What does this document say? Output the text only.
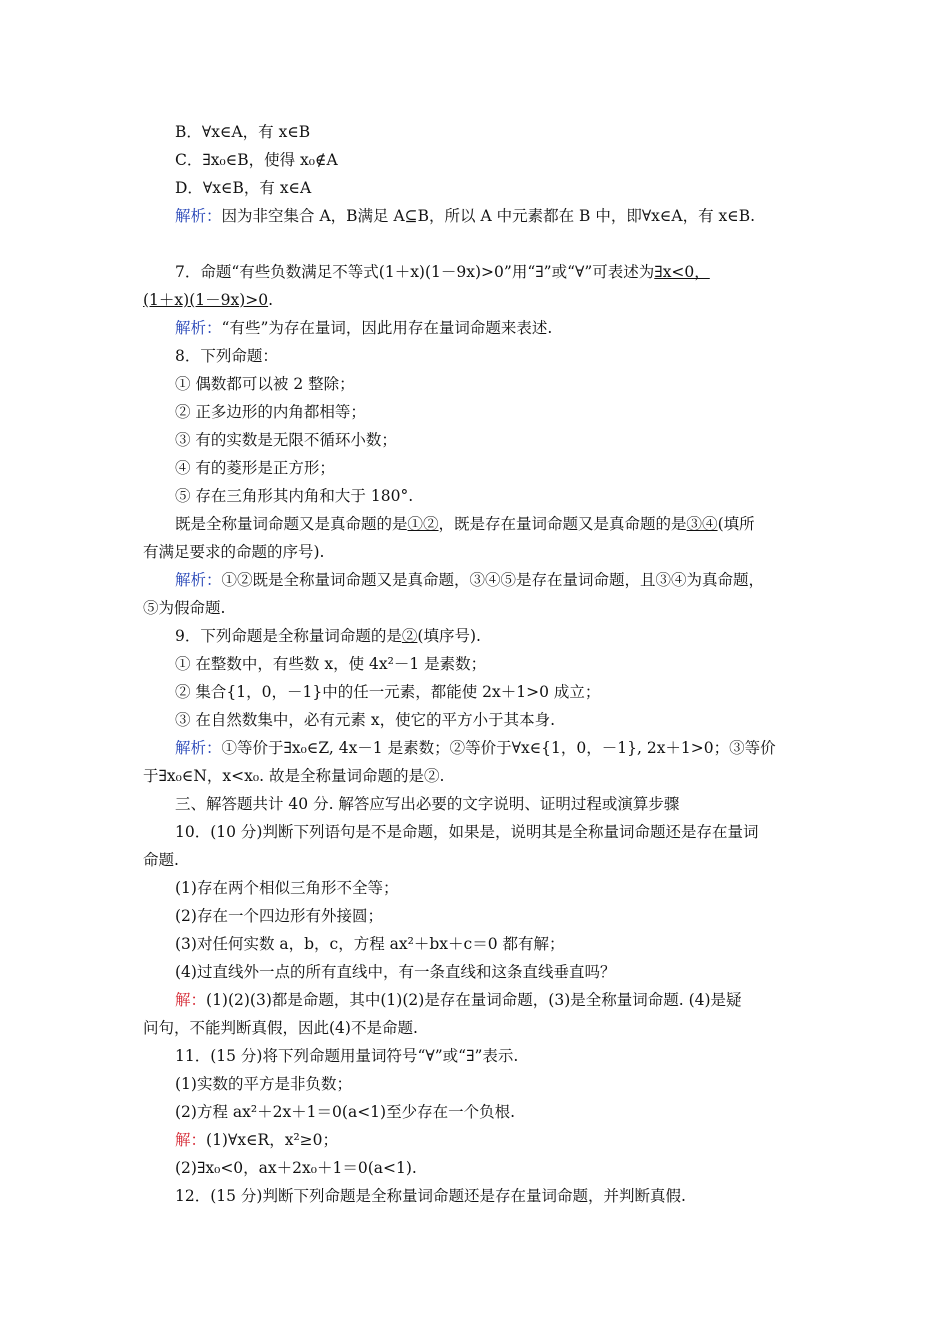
B．∀x∈A，有 x∈B
C．∃x₀∈B，使得 x₀∉A
D．∀x∈B，有 x∈A
解析：因为非空集合 A，B满足 A⊆B，所以 A 中元素都在 B 中，即∀x∈A，有 x∈B.
7．命题“有些负数满足不等式(1＋x)(1－9x)>0”用“∃”或“∀”可表述为∃x<0，
(1＋x)(1－9x)>0.
解析：“有些”为存在量词，因此用存在量词命题来表述.
8．下列命题：
① 偶数都可以被 2 整除；
② 正多边形的内角都相等；
③ 有的实数是无限不循环小数；
④ 有的菱形是正方形；
⑤ 存在三角形其内角和大于 180°.
既是全称量词命题又是真命题的是①②，既是存在量词命题又是真命题的是③④(填所
有满足要求的命题的序号).
解析：①②既是全称量词命题又是真命题，③④⑤是存在量词命题，且③④为真命题，
⑤为假命题.
9．下列命题是全称量词命题的是②(填序号).
① 在整数中，有些数 x，使 4x²－1 是素数；
② 集合{1，0，－1}中的任一元素，都能使 2x＋1>0 成立；
③ 在自然数集中，必有元素 x，使它的平方小于其本身.
解析：①等价于∃x₀∈Z, 4x－1 是素数；②等价于∀x∈{1，0，－1}, 2x＋1>0；③等价
于∃x₀∈N，x<x₀. 故是全称量词命题的是②.
三、解答题共计 40 分. 解答应写出必要的文字说明、证明过程或演算步骤
10．(10 分)判断下列语句是不是命题，如果是，说明其是全称量词命题还是存在量词
命题.
(1)存在两个相似三角形不全等；
(2)存在一个四边形有外接圆；
(3)对任何实数 a，b，c，方程 ax²＋bx＋c＝0 都有解；
(4)过直线外一点的所有直线中，有一条直线和这条直线垂直吗？
解：(1)(2)(3)都是命题，其中(1)(2)是存在量词命题，(3)是全称量词命题. (4)是疑
问句，不能判断真假，因此(4)不是命题.
11．(15 分)将下列命题用量词符号“∀”或“∃”表示.
(1)实数的平方是非负数；
(2)方程 ax²＋2x＋1＝0(a<1)至少存在一个负根.
解：(1)∀x∈R，x²≥0；
(2)∃x₀<0，ax＋2x₀＋1＝0(a<1).
12．(15 分)判断下列命题是全称量词命题还是存在量词命题，并判断真假.
